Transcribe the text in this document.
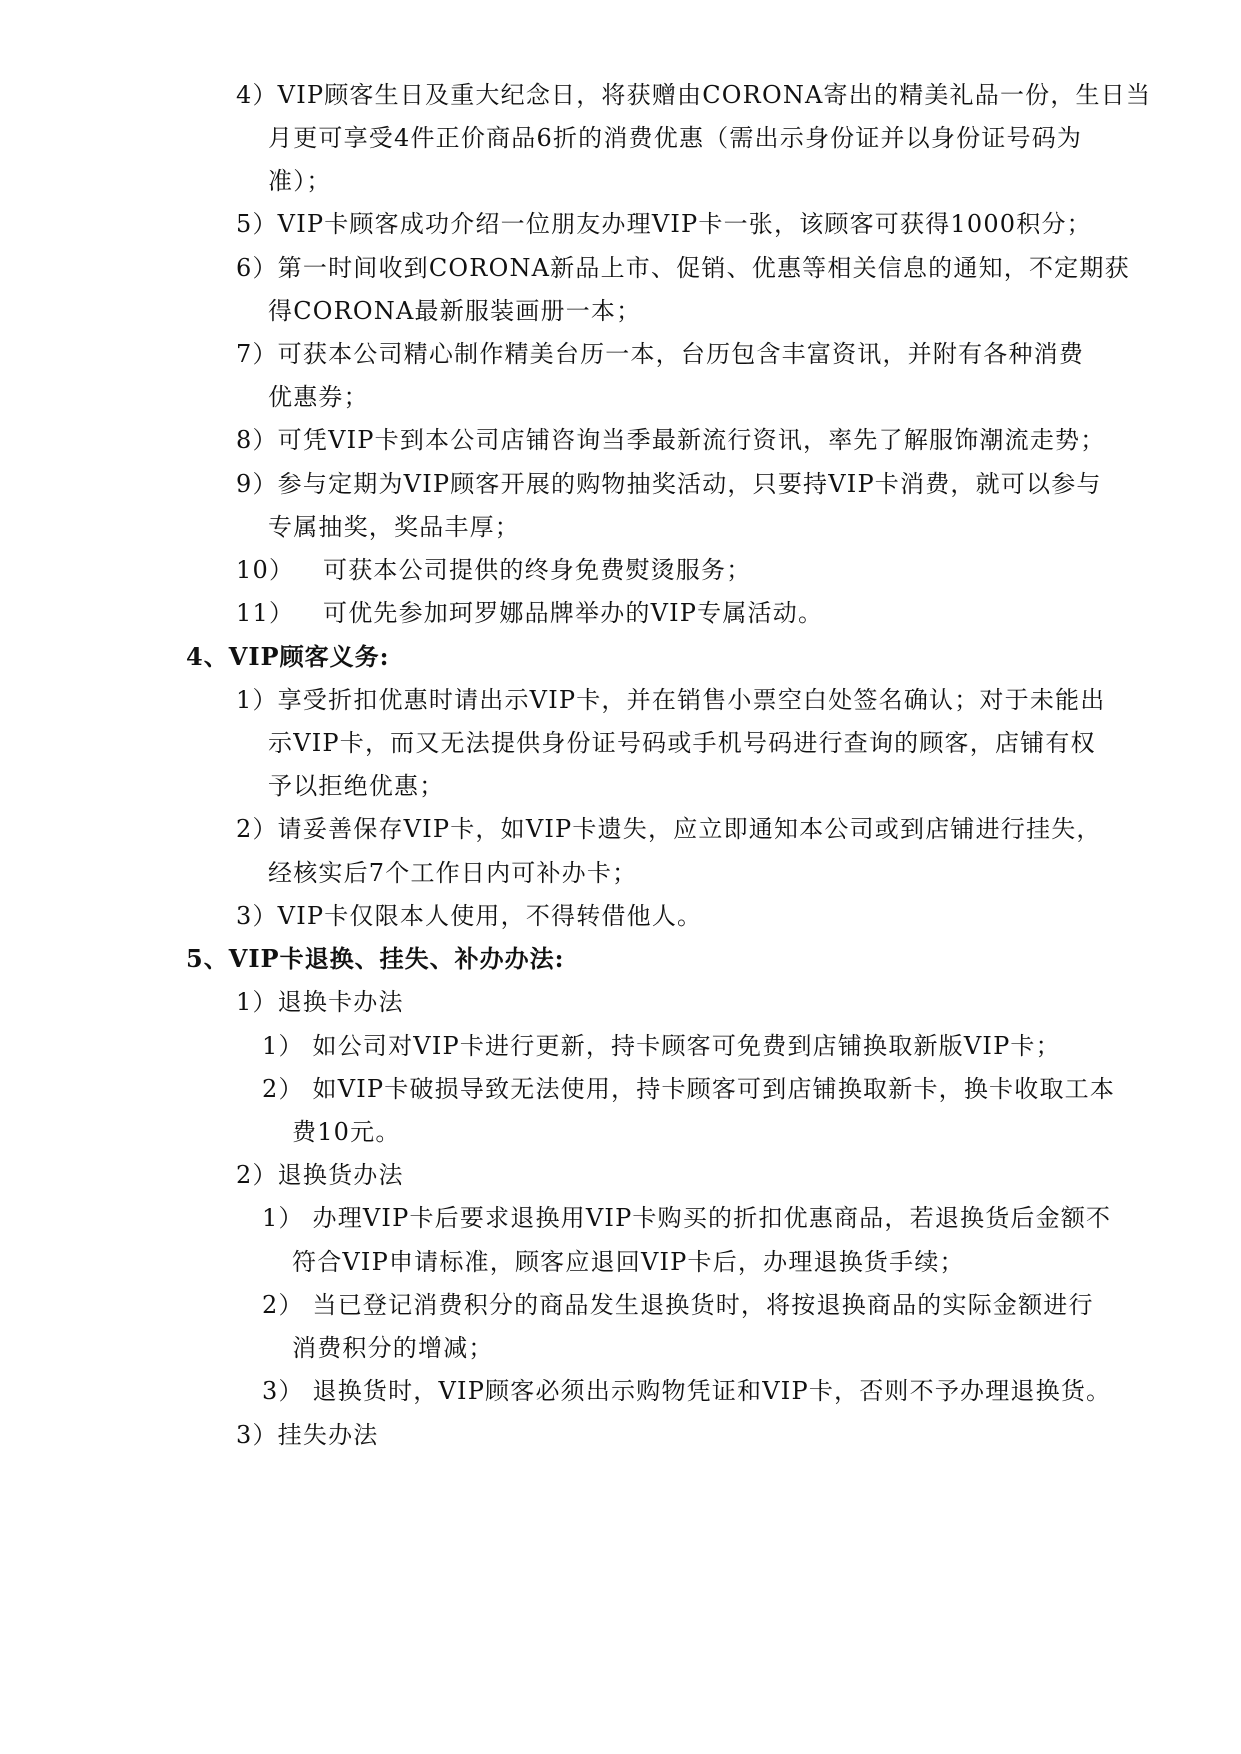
4）VIP顾客生日及重大纪念日，将获赠由CORONA寄出的精美礼品一份，生日当
月更可享受4件正价商品6折的消费优惠（需出示身份证并以身份证号码为
准）；
5）VIP卡顾客成功介绍一位朋友办理VIP卡一张，该顾客可获得1000积分；
6）第一时间收到CORONA新品上市、促销、优惠等相关信息的通知，不定期获
得CORONA最新服装画册一本；
7）可获本公司精心制作精美台历一本，台历包含丰富资讯，并附有各种消费
优惠券；
8）可凭VIP卡到本公司店铺咨询当季最新流行资讯，率先了解服饰潮流走势；
9）参与定期为VIP顾客开展的购物抽奖活动，只要持VIP卡消费，就可以参与
专属抽奖，奖品丰厚；
10） 可获本公司提供的终身免费熨烫服务；
11） 可优先参加珂罗娜品牌举办的VIP专属活动。
4、VIP顾客义务:
1）享受折扣优惠时请出示VIP卡，并在销售小票空白处签名确认；对于未能出
示VIP卡，而又无法提供身份证号码或手机号码进行查询的顾客，店铺有权
予以拒绝优惠；
2）请妥善保存VIP卡，如VIP卡遗失，应立即通知本公司或到店铺进行挂失，
经核实后7个工作日内可补办卡；
3）VIP卡仅限本人使用，不得转借他人。
5、VIP卡退换、挂失、补办办法:
1）退换卡办法
1） 如公司对VIP卡进行更新，持卡顾客可免费到店铺换取新版VIP卡；
2） 如VIP卡破损导致无法使用，持卡顾客可到店铺换取新卡，换卡收取工本
费10元。
2）退换货办法
1） 办理VIP卡后要求退换用VIP卡购买的折扣优惠商品，若退换货后金额不
符合VIP申请标准，顾客应退回VIP卡后，办理退换货手续；
2） 当已登记消费积分的商品发生退换货时，将按退换商品的实际金额进行
消费积分的增减；
3） 退换货时，VIP顾客必须出示购物凭证和VIP卡，否则不予办理退换货。
3）挂失办法
